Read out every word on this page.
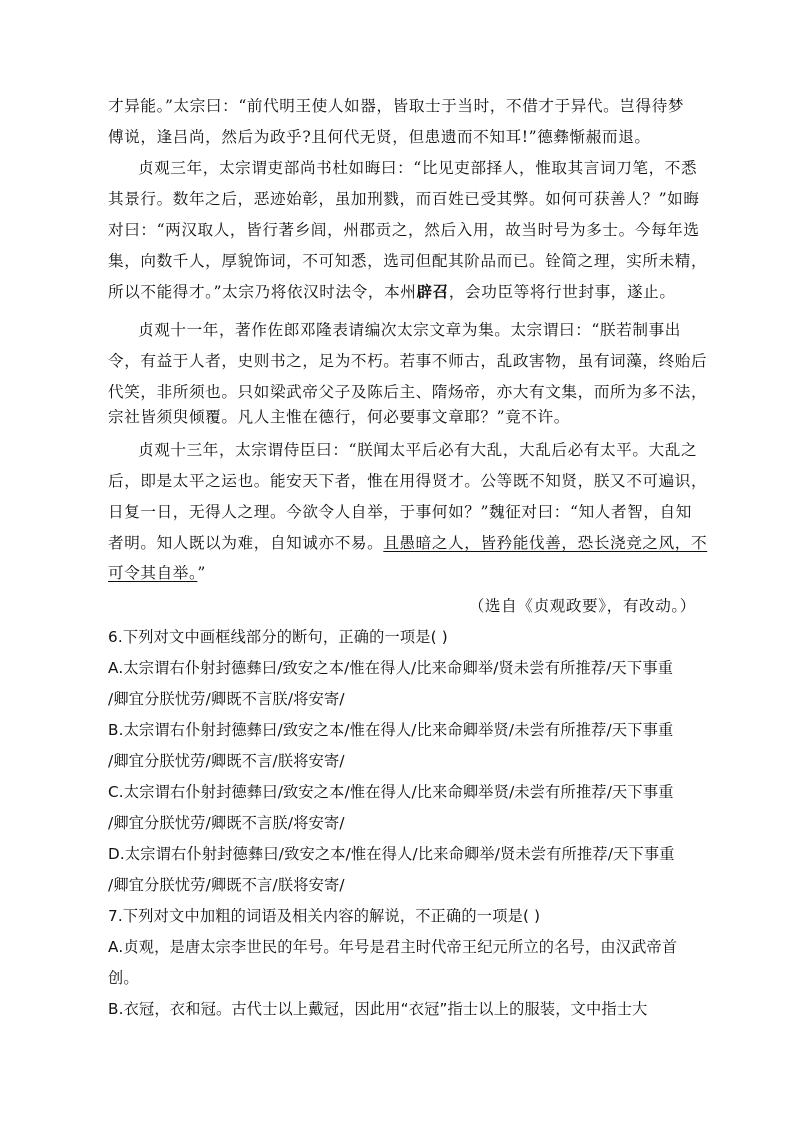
才异能。”太宗曰：“前代明王使人如器，皆取士于当时，不借才于异代。岂得待梦
傅说，逢吕尚，然后为政乎?且何代无贤，但患遗而不知耳!”德彝惭赧而退。
贞观三年，太宗谓吏部尚书杜如晦曰：“比见吏部择人，惟取其言词刀笔，不悉
其景行。数年之后，恶迹始彰，虽加刑戮，而百姓已受其弊。如何可获善人？”如晦
对曰：“两汉取人，皆行著乡闾，州郡贡之，然后入用，故当时号为多士。今每年选
集，向数千人，厚貌饰词，不可知悉，选司但配其阶品而已。铨简之理，实所未精，
所以不能得才。”太宗乃将依汉时法令，本州辟召，会功臣等将行世封事，遂止。
贞观十一年，著作佐郎邓隆表请编次太宗文章为集。太宗谓曰：“朕若制事出
令，有益于人者，史则书之，足为不朽。若事不师古，乱政害物，虽有词藻，终贻后
代笑，非所须也。只如梁武帝父子及陈后主、隋炀帝，亦大有文集，而所为多不法，
宗社皆须臾倾覆。凡人主惟在德行，何必要事文章耶？”竟不许。
贞观十三年，太宗谓侍臣曰：“朕闻太平后必有大乱，大乱后必有太平。大乱之
后，即是太平之运也。能安天下者，惟在用得贤才。公等既不知贤，朕又不可遍识，
日复一日，无得人之理。今欲令人自举，于事何如？”魏征对曰：“知人者智，自知
者明。知人既以为难，自知诚亦不易。且愚暗之人，皆矜能伐善，恐长浇竞之风，不
可令其自举。”
（选自《贞观政要》，有改动。）
6.下列对文中画框线部分的断句，正确的一项是( )
A.太宗谓右仆射封德彝曰/致安之本/惟在得人/比来命卿举/贤未尝有所推荐/天下事重
/卿宜分朕忧劳/卿既不言朕/将安寄/
B.太宗谓右仆射封德彝曰/致安之本/惟在得人/比来命卿举贤/未尝有所推荐/天下事重
/卿宜分朕忧劳/卿既不言/朕将安寄/
C.太宗谓右仆射封德彝曰/致安之本/惟在得人/比来命卿举贤/未尝有所推荐/天下事重
/卿宜分朕忧劳/卿既不言朕/将安寄/
D.太宗谓右仆射封德彝曰/致安之本/惟在得人/比来命卿举/贤未尝有所推荐/天下事重
/卿宜分朕忧劳/卿既不言/朕将安寄/
7.下列对文中加粗的词语及相关内容的解说，不正确的一项是( )
A.贞观，是唐太宗李世民的年号。年号是君主时代帝王纪元所立的名号，由汉武帝首
创。
B.衣冠，衣和冠。古代士以上戴冠，因此用“衣冠”指士以上的服装，文中指士大
